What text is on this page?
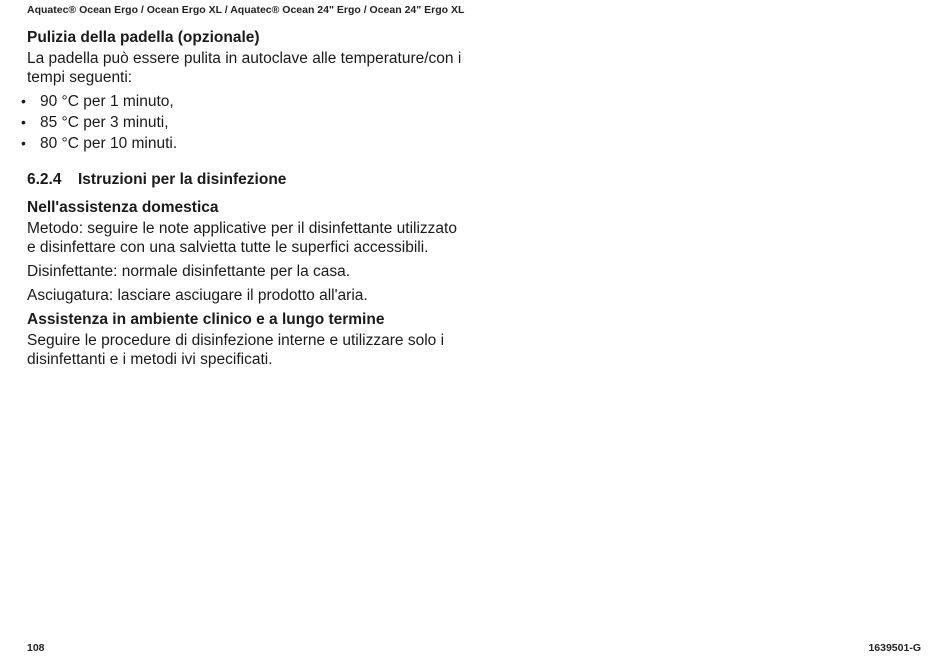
Aquatec® Ocean Ergo / Ocean Ergo XL / Aquatec® Ocean 24" Ergo / Ocean 24" Ergo XL

Pulizia della padella (opzionale)

La padella può essere pulita in autoclave alle temperature/con i tempi seguenti:

• 90 °C per 1 minuto,
• 85 °C per 3 minuti,
• 80 °C per 10 minuti.
6.2.4 Istruzioni per la disinfezione

Nell'assistenza domestica

Metodo: seguire le note applicative per il disinfettante utilizzato e disinfettare con una salvietta tutte le superfici accessibili.

Disinfettante: normale disinfettante per la casa.

Asciugatura: lasciare asciugare il prodotto all'aria.

Assistenza in ambiente clinico e a lungo termine

Seguire le procedure di disinfezione interne e utilizzare solo i disinfettanti e i metodi ivi specificati.

108	1639501-G
